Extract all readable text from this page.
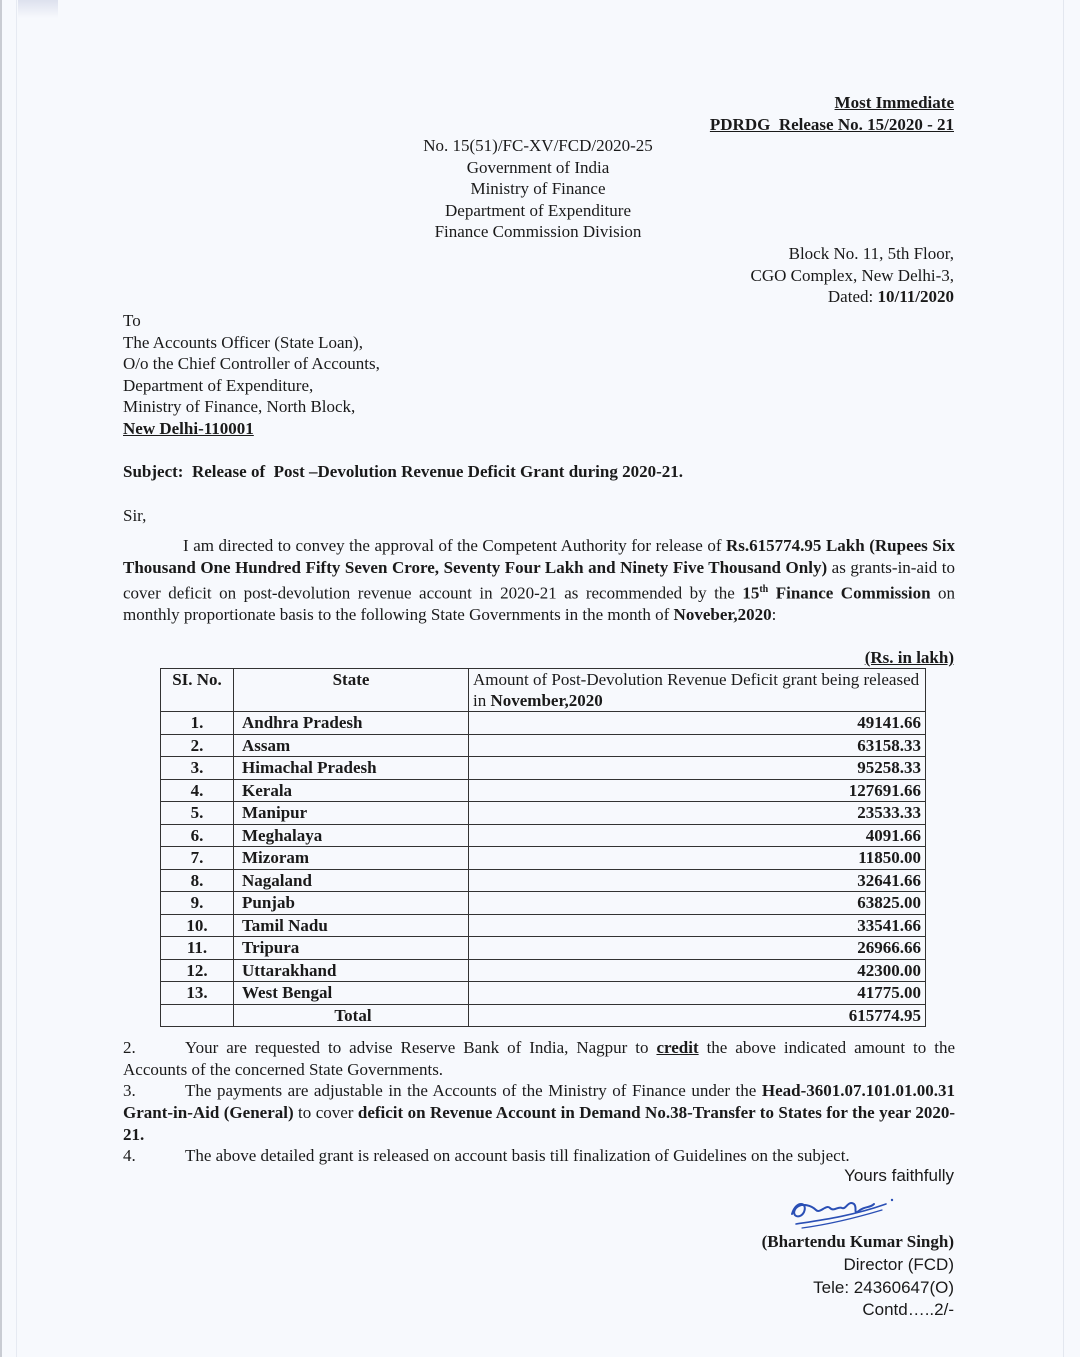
Most Immediate
PDRDG  Release No. 15/2020 - 21
No. 15(51)/FC-XV/FCD/2020-25
Government of India
Ministry of Finance
Department of Expenditure
Finance Commission Division
Block No. 11, 5th Floor,
CGO Complex, New Delhi-3,
Dated: 10/11/2020
To
The Accounts Officer (State Loan),
O/o the Chief Controller of Accounts,
Department of Expenditure,
Ministry of Finance, North Block,
New Delhi-110001
Subject:  Release of  Post –Devolution Revenue Deficit Grant during 2020-21.
Sir,
I am directed to convey the approval of the Competent Authority for release of Rs.615774.95 Lakh (Rupees Six Thousand One Hundred Fifty Seven Crore, Seventy Four Lakh and Ninety Five Thousand Only) as grants-in-aid to cover deficit on post-devolution revenue account in 2020-21 as recommended by the 15th Finance Commission on monthly proportionate basis to the following State Governments in the month of Noveber,2020:
(Rs. in lakh)
SI. No.	State	Amount of Post-Devolution Revenue Deficit grant being released in November,2020
1.	Andhra Pradesh	49141.66
2.	Assam	63158.33
3.	Himachal Pradesh	95258.33
4.	Kerala	127691.66
5.	Manipur	23533.33
6.	Meghalaya	4091.66
7.	Mizoram	11850.00
8.	Nagaland	32641.66
9.	Punjab	63825.00
10.	Tamil Nadu	33541.66
11.	Tripura	26966.66
12.	Uttarakhand	42300.00
13.	West Bengal	41775.00
	Total	615774.95
2.	Your are requested to advise Reserve Bank of India, Nagpur to credit the above indicated amount to the Accounts of the concerned State Governments.
3.	The payments are adjustable in the Accounts of the Ministry of Finance under the Head-3601.07.101.01.00.31 Grant-in-Aid (General) to cover deficit on Revenue Account in Demand No.38-Transfer to States for the year 2020-21.
4.	The above detailed grant is released on account basis till finalization of Guidelines on the subject.
Yours faithfully
(Bhartendu Kumar Singh)
Director (FCD)
Tele: 24360647(O)
Contd…..2/-
